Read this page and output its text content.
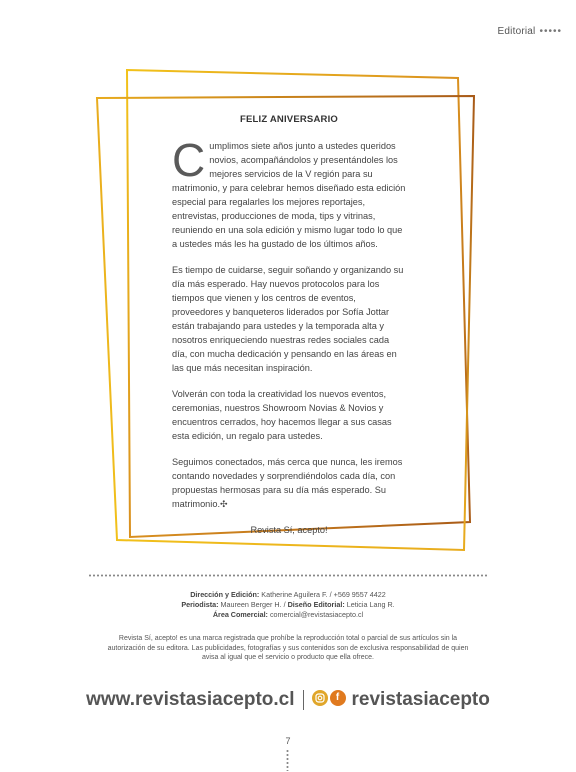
Editorial •••••
FELIZ ANIVERSARIO

Cumplimos siete años junto a ustedes queridos novios, acompañándolos y presentándoles los mejores servicios de la V región para su matrimonio, y para celebrar hemos diseñado esta edición especial para regalarles los mejores reportajes, entrevistas, producciones de moda, tips y vitrinas, reuniendo en una sola edición y mismo lugar todo lo que a ustedes más les ha gustado de los últimos años.

Es tiempo de cuidarse, seguir soñando y organizando su día más esperado. Hay nuevos protocolos para los tiempos que vienen y los centros de eventos, proveedores y banqueteros liderados por Sofía Jottar están trabajando para ustedes y la temporada alta y nosotros enriqueciendo nuestras redes sociales cada día, con mucha dedicación y pensando en las áreas en las que más necesitan inspiración.

Volverán con toda la creatividad los nuevos eventos, ceremonias, nuestros Showroom Novias & Novios y encuentros cerrados, hoy hacemos llegar a sus casas esta edición, un regalo para ustedes.

Seguimos conectados, más cerca que nunca, les iremos contando novedades y sorprendiéndolos cada día, con propuestas hermosas para su día más esperado. Su matrimonio.✣

Revista Sí, acepto!
Dirección y Edición: Katherine Aguilera F. / +569 9557 4422
Periodista: Maureen Berger H. / Diseño Editorial: Leticia Lang R.
Área Comercial: comercial@revistasiacepto.cl
Revista Sí, acepto! es una marca registrada que prohíbe la reproducción total o parcial de sus artículos sin la autorización de su editora. Las publicidades, fotografías y sus contenidos son de exclusiva responsabilidad de quien avisa al igual que el servicio o producto que ella ofrece.
www.revistasiacepto.cl	f revistasiacepto
7
